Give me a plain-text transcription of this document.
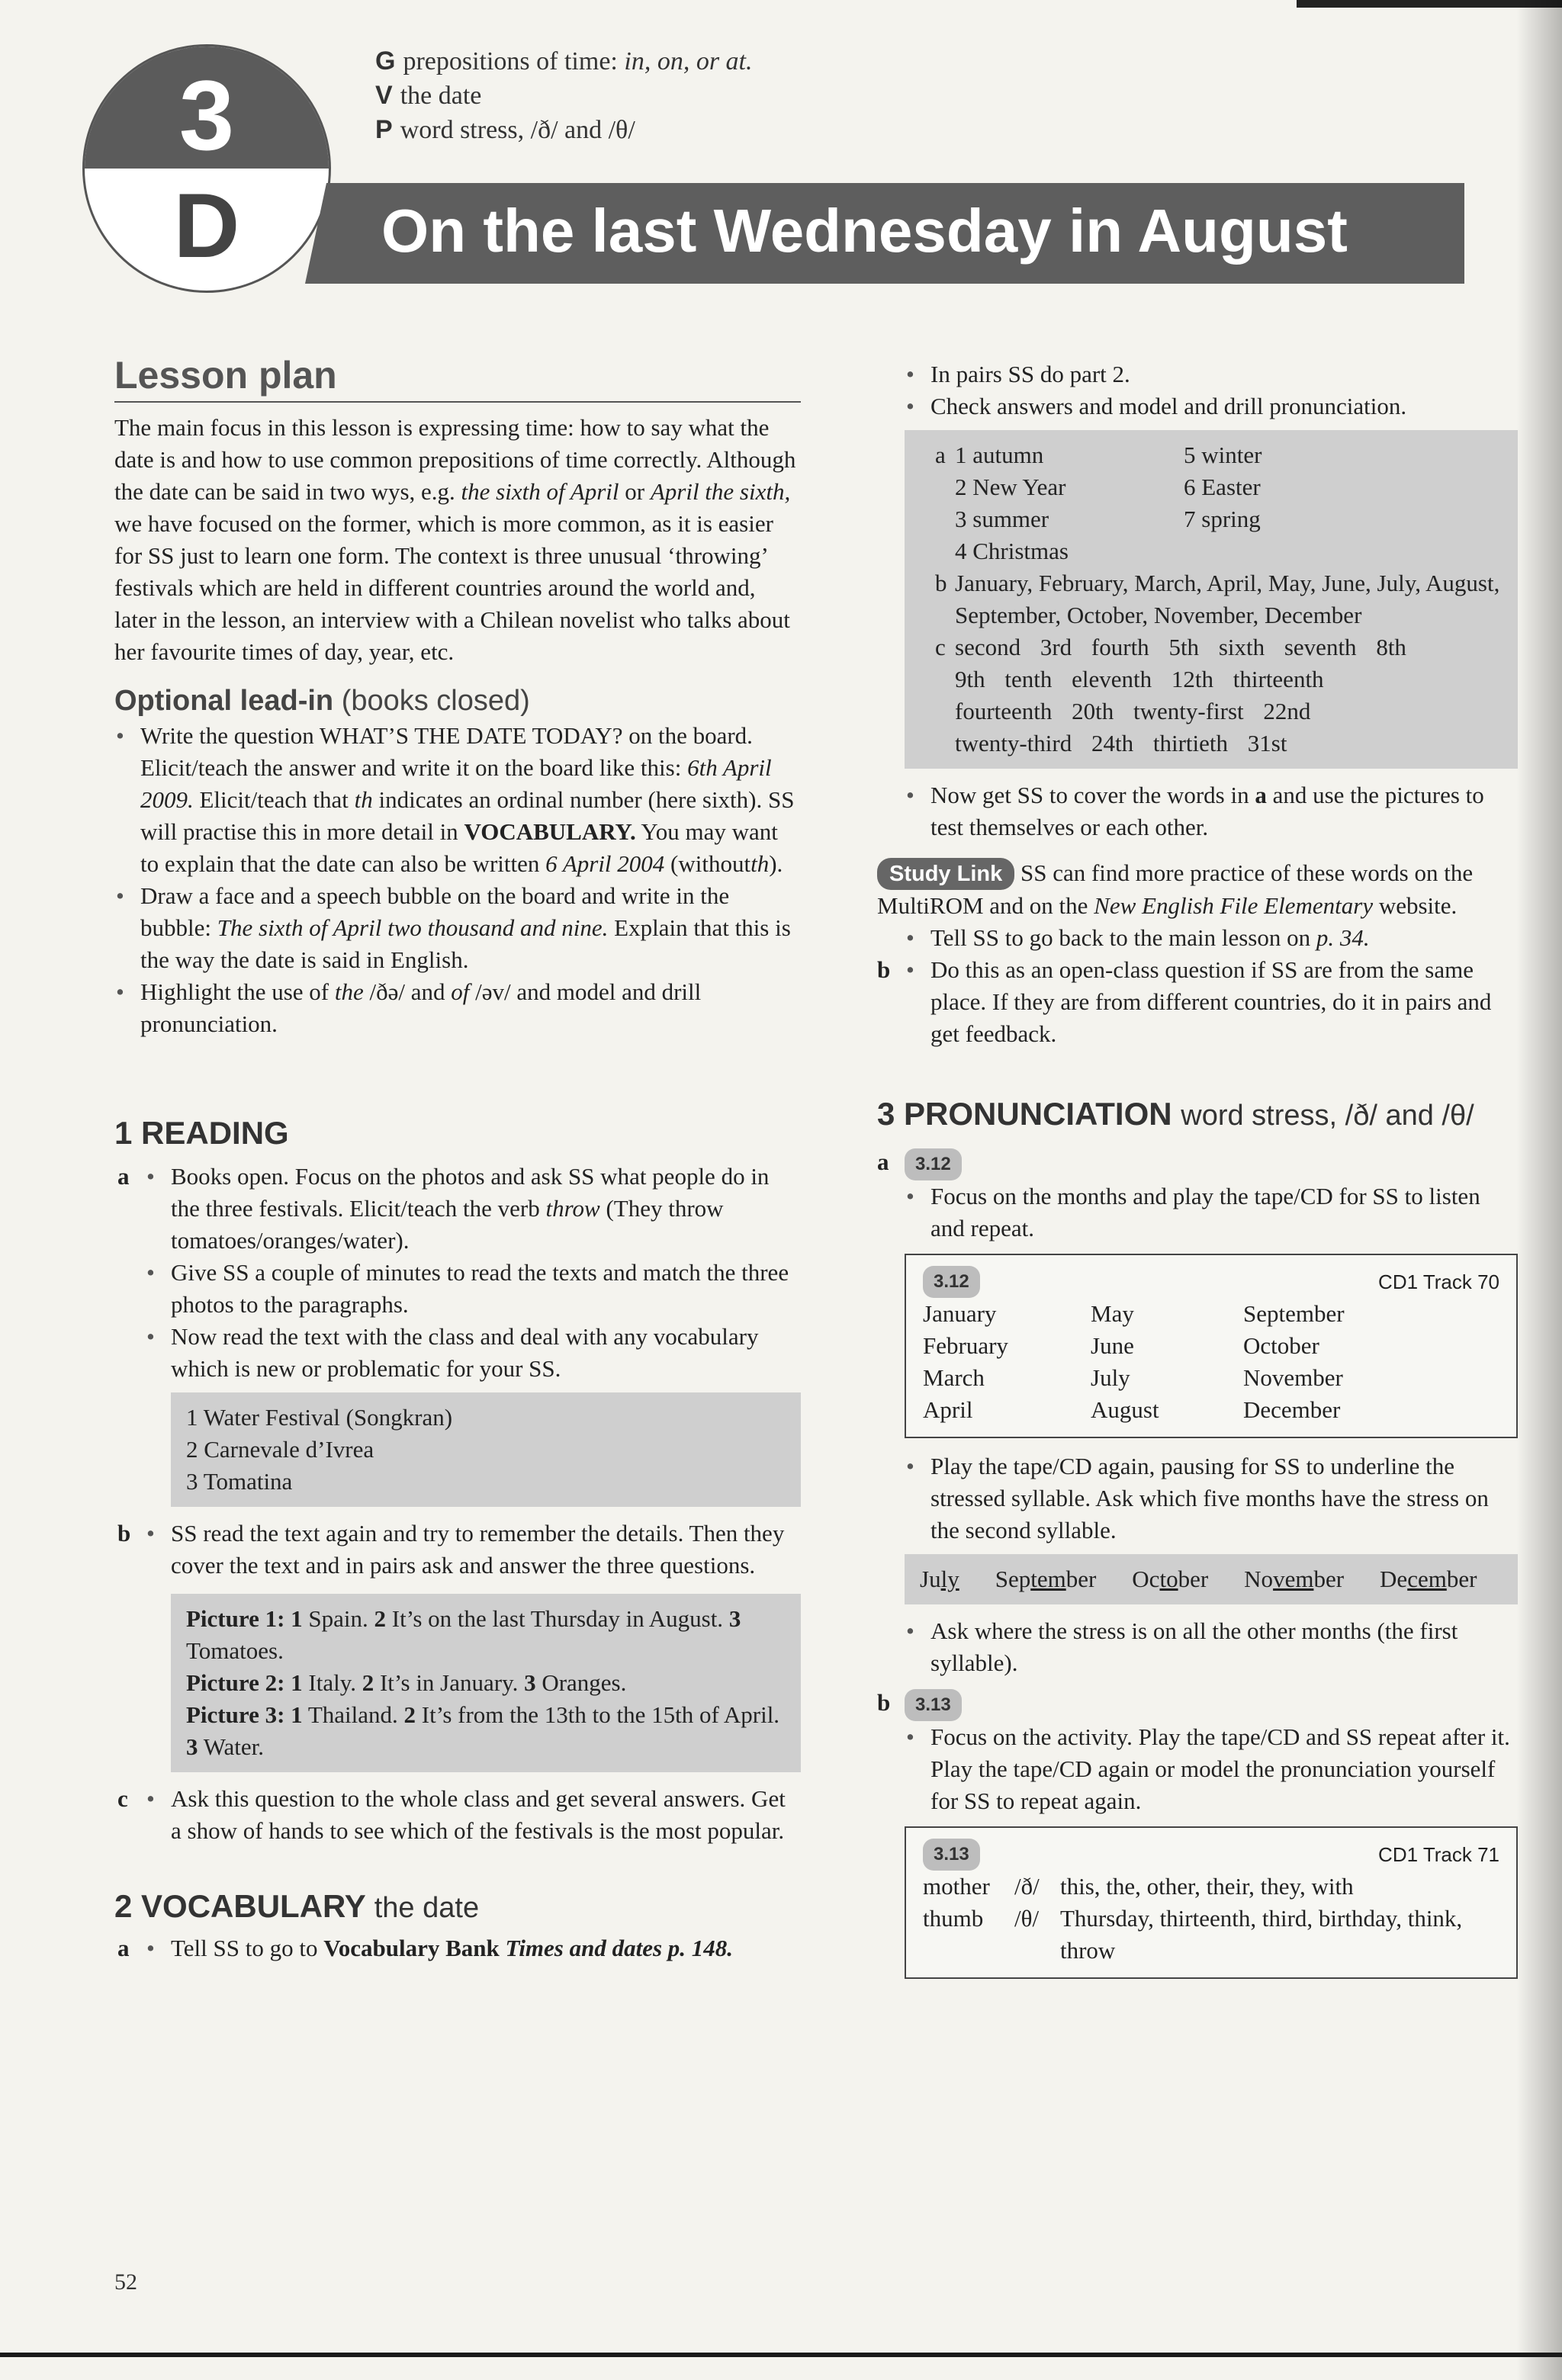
3
D
G prepositions of time: in, on, or at.
V the date
P word stress, /ð/ and /θ/
On the last Wednesday in August
Lesson plan

The main focus in this lesson is expressing time: how to say what the date is and how to use common prepositions of time correctly. Although the date can be said in two wys, e.g. the sixth of April or April the sixth, we have focused on the former, which is more common, as it is easier for SS just to learn one form. The context is three unusual ‘throwing’ festivals which are held in different countries around the world and, later in the lesson, an interview with a Chilean novelist who talks about her favourite times of day, year, etc.

Optional lead-in (books closed)

• Write the question WHAT’S THE DATE TODAY? on the board. Elicit/teach the answer and write it on the board like this: 6th April 2009. Elicit/teach that th indicates an ordinal number (here sixth). SS will practise this in more detail in VOCABULARY. You may want to explain that the date can also be written 6 April 2004 (withoutth).

• Draw a face and a speech bubble on the board and write in the bubble: The sixth of April two thousand and nine. Explain that this is the way the date is said in English.

• Highlight the use of the /ðə/ and of /əv/ and model and drill pronunciation.

1 READING
a	• Books open. Focus on the photos and ask SS what people do in the three festivals. Elicit/teach the verb throw (They throw tomatoes/oranges/water).

• Give SS a couple of minutes to read the texts and match the three photos to the paragraphs.

• Now read the text with the class and deal with any vocabulary which is new or problematic for your SS.

1 Water Festival (Songkran)
2 Carnevale d’Ivrea
3 Tomatina
b	• SS read the text again and try to remember the details. Then they cover the text and in pairs ask and answer the three questions.

Picture 1: 1 Spain. 2 It’s on the last Thursday in August. 3 Tomatoes.
Picture 2: 1 Italy. 2 It’s in January. 3 Oranges.
Picture 3: 1 Thailand. 2 It’s from the 13th to the 15th of April. 3 Water.
c	• Ask this question to the whole class and get several answers. Get a show of hands to see which of the festivals is the most popular.

2 VOCABULARY the date
a	• Tell SS to go to Vocabulary Bank Times and dates p. 148.

• In pairs SS do part 2.

• Check answers and model and drill pronunciation.

a 1 autumn	5 winter
2 New Year	6 Easter
3 summer	7 spring
4 Christmas
b January, February, March, April, May, June, July, August, September, October, November, December
c second 3rd fourth 5th sixth seventh 8th
9th tenth eleventh 12th thirteenth
fourteenth 20th twenty-first 22nd
twenty-third 24th thirtieth 31st

• Now get SS to cover the words in a and use the pictures to test themselves or each other.

Study Link SS can find more practice of these words on the MultiROM and on the New English File Elementary website.

• Tell SS to go back to the main lesson on p. 34.

b	• Do this as an open-class question if SS are from the same place. If they are from different countries, do it in pairs and get feedback.

3 PRONUNCIATION word stress, /ð/ and /θ/
a 3.12

• Focus on the months and play the tape/CD for SS to listen and repeat.

3.12	CD1 Track 70
January	May	September
February	June	October
March	July	November
April	August	December

• Play the tape/CD again, pausing for SS to underline the stressed syllable. Ask which five months have the stress on the second syllable.

July September October November December

• Ask where the stress is on all the other months (the first syllable).

b 3.13

• Focus on the activity. Play the tape/CD and SS repeat after it. Play the tape/CD again or model the pronunciation yourself for SS to repeat again.

3.13	CD1 Track 71
mother	/ð/ this, the, other, their, they, with
thumb	/θ/ Thursday, thirteenth, third, birthday, think, throw
52
